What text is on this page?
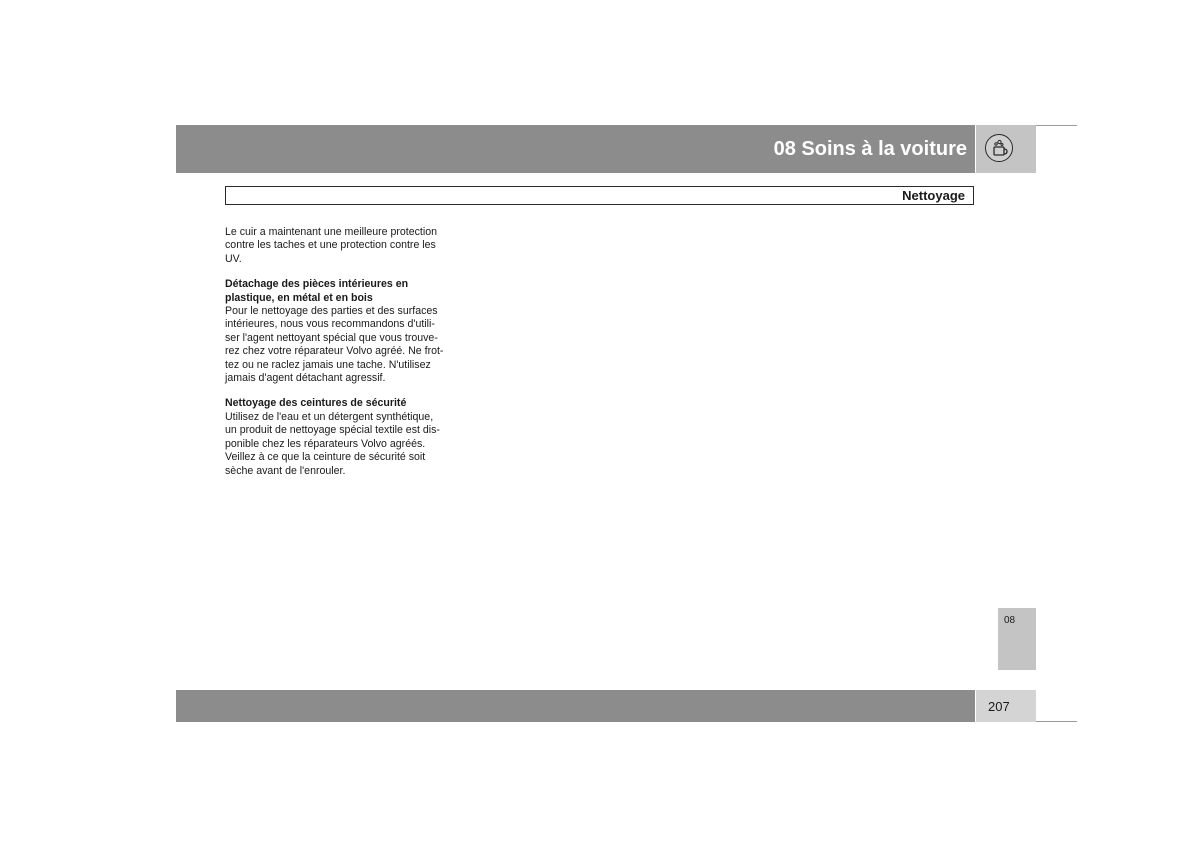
08 Soins à la voiture
Nettoyage

Le cuir a maintenant une meilleure protection
contre les taches et une protection contre les
UV.

Détachage des pièces intérieures en
plastique, en métal et en bois
Pour le nettoyage des parties et des surfaces
intérieures, nous vous recommandons d'utili-
ser l'agent nettoyant spécial que vous trouve-
rez chez votre réparateur Volvo agréé. Ne frot-
tez ou ne raclez jamais une tache. N'utilisez
jamais d'agent détachant agressif.
Nettoyage des ceintures de sécurité
Utilisez de l'eau et un détergent synthétique,
un produit de nettoyage spécial textile est dis-
ponible chez les réparateurs Volvo agréés.
Veillez à ce que la ceinture de sécurité soit
sèche avant de l'enrouler.
08
207
